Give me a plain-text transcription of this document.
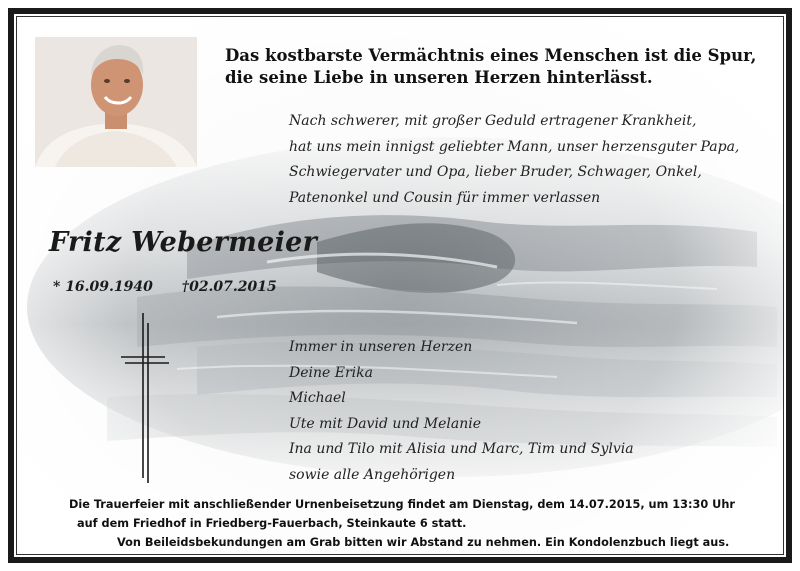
Das kostbarste Vermächtnis eines Menschen ist die Spur,
die seine Liebe in unseren Herzen hinterlässt.
Nach schwerer, mit großer Geduld ertragener Krankheit,
hat uns mein innigst geliebter Mann, unser herzensguter Papa,
Schwiegervater und Opa, lieber Bruder, Schwager, Onkel,
Patenonkel und Cousin für immer verlassen
Fritz Webermeier
* 16.09.1940 †02.07.2015
Immer in unseren Herzen
Deine Erika
Michael
Ute mit David und Melanie
Ina und Tilo mit Alisia und Marc, Tim und Sylvia
sowie alle Angehörigen
Die Trauerfeier mit anschließender Urnenbeisetzung findet am Dienstag, dem 14.07.2015, um 13:30 Uhr
auf dem Friedhof in Friedberg-Fauerbach, Steinkaute 6 statt.
Von Beileidsbekundungen am Grab bitten wir Abstand zu nehmen. Ein Kondolenzbuch liegt aus.
